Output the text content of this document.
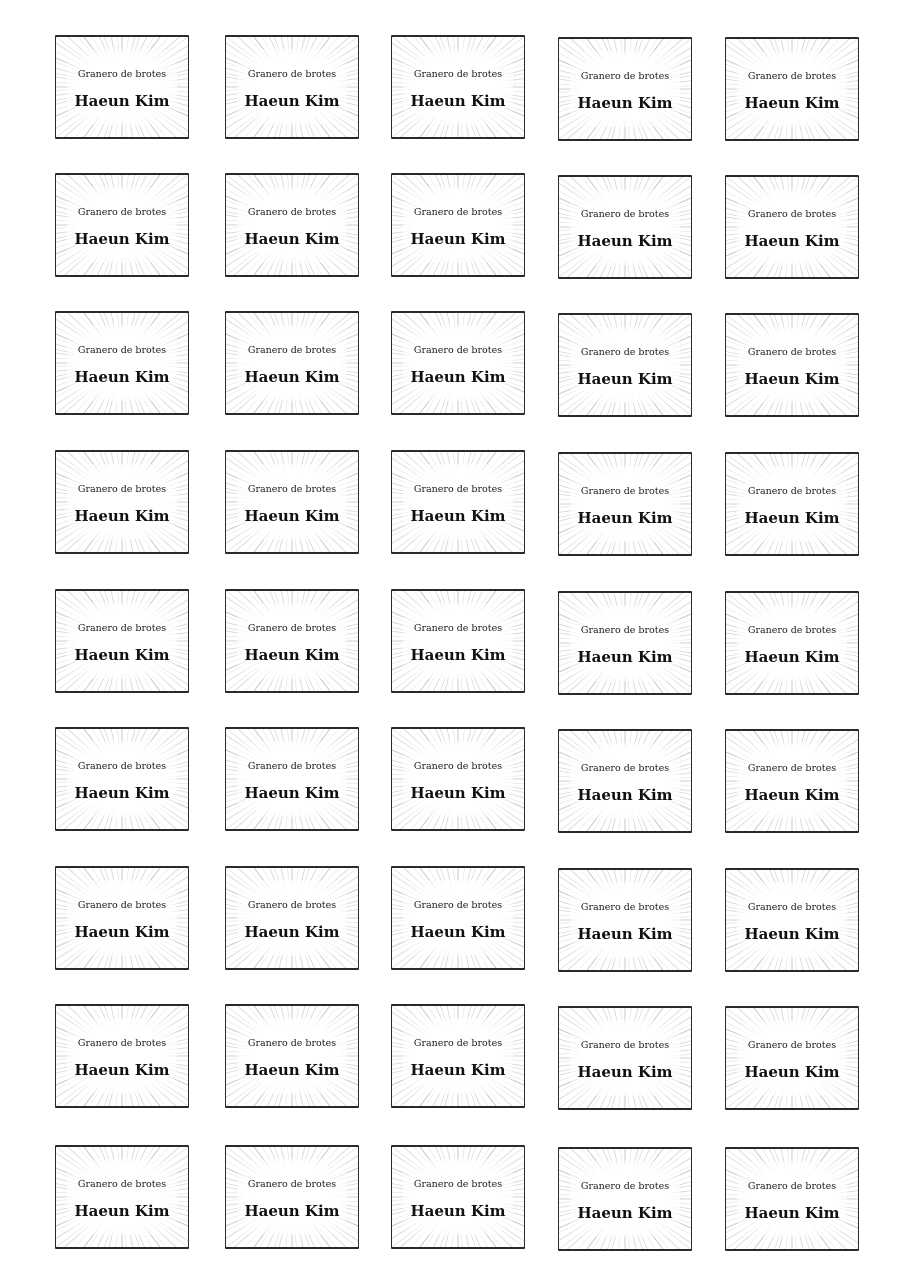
Granero de brotes
Haeun Kim
Granero de brotes
Haeun Kim
Granero de brotes
Haeun Kim
Granero de brotes
Haeun Kim
Granero de brotes
Haeun Kim
Granero de brotes
Haeun Kim
Granero de brotes
Haeun Kim
Granero de brotes
Haeun Kim
Granero de brotes
Haeun Kim
Granero de brotes
Haeun Kim
Granero de brotes
Haeun Kim
Granero de brotes
Haeun Kim
Granero de brotes
Haeun Kim
Granero de brotes
Haeun Kim
Granero de brotes
Haeun Kim
Granero de brotes
Haeun Kim
Granero de brotes
Haeun Kim
Granero de brotes
Haeun Kim
Granero de brotes
Haeun Kim
Granero de brotes
Haeun Kim
Granero de brotes
Haeun Kim
Granero de brotes
Haeun Kim
Granero de brotes
Haeun Kim
Granero de brotes
Haeun Kim
Granero de brotes
Haeun Kim
Granero de brotes
Haeun Kim
Granero de brotes
Haeun Kim
Granero de brotes
Haeun Kim
Granero de brotes
Haeun Kim
Granero de brotes
Haeun Kim
Granero de brotes
Haeun Kim
Granero de brotes
Haeun Kim
Granero de brotes
Haeun Kim
Granero de brotes
Haeun Kim
Granero de brotes
Haeun Kim
Granero de brotes
Haeun Kim
Granero de brotes
Haeun Kim
Granero de brotes
Haeun Kim
Granero de brotes
Haeun Kim
Granero de brotes
Haeun Kim
Granero de brotes
Haeun Kim
Granero de brotes
Haeun Kim
Granero de brotes
Haeun Kim
Granero de brotes
Haeun Kim
Granero de brotes
Haeun Kim
